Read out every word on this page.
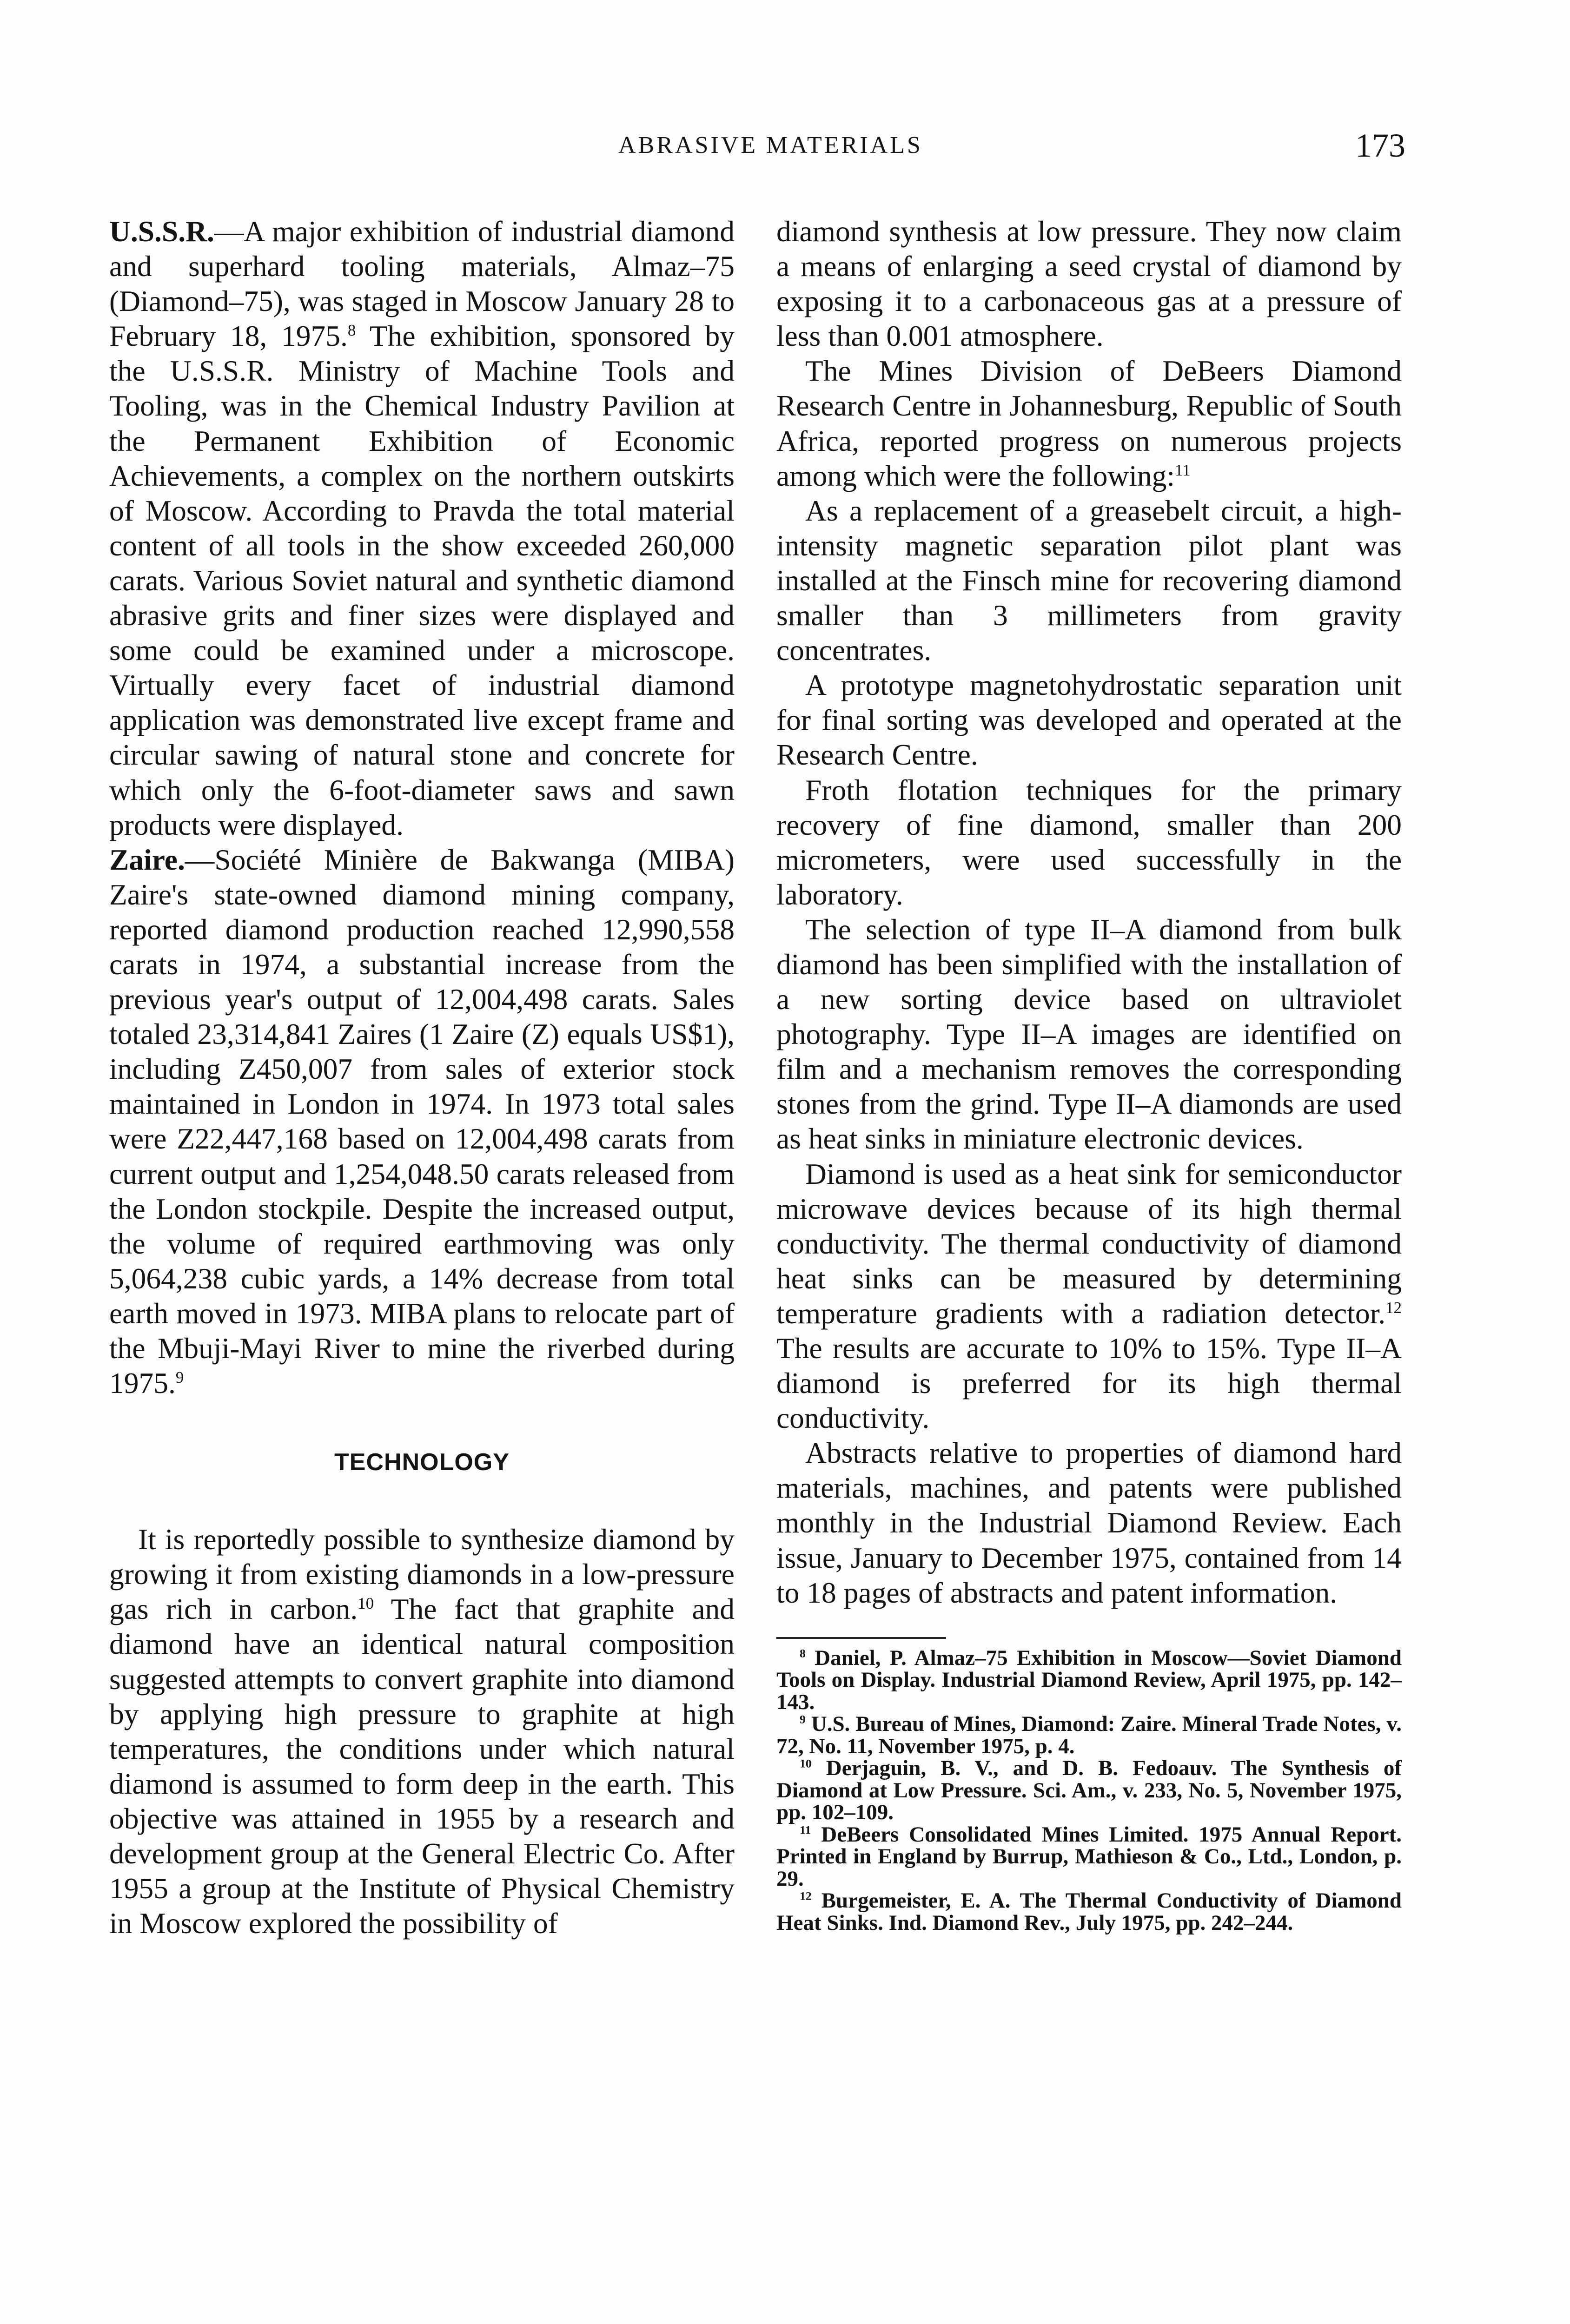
ABRASIVE MATERIALS	173

U.S.S.R.—A major exhibition of industrial diamond and superhard tooling materials, Almaz–75 (Diamond–75), was staged in Moscow January 28 to February 18, 1975.$^8$ The exhibition, sponsored by the U.S.S.R. Ministry of Machine Tools and Tooling, was in the Chemical Industry Pavilion at the Permanent Exhibition of Economic Achievements, a complex on the northern outskirts of Moscow. According to Pravda the total material content of all tools in the show exceeded 260,000 carats. Various Soviet natural and synthetic diamond abrasive grits and finer sizes were displayed and some could be examined under a microscope. Virtually every facet of industrial diamond application was demonstrated live except frame and circular sawing of natural stone and concrete for which only the 6-foot-diameter saws and sawn products were displayed.

Zaire.—Société Minière de Bakwanga (MIBA) Zaire's state-owned diamond mining company, reported diamond production reached 12,990,558 carats in 1974, a substantial increase from the previous year's output of 12,004,498 carats. Sales totaled 23,314,841 Zaires (1 Zaire (Z) equals US$1), including Z450,007 from sales of exterior stock maintained in London in 1974. In 1973 total sales were Z22,447,168 based on 12,004,498 carats from current output and 1,254,048.50 carats released from the London stockpile. Despite the increased output, the volume of required earthmoving was only 5,064,238 cubic yards, a 14% decrease from total earth moved in 1973. MIBA plans to relocate part of the Mbuji-Mayi River to mine the riverbed during 1975.$^9$

TECHNOLOGY

It is reportedly possible to synthesize diamond by growing it from existing diamonds in a low-pressure gas rich in carbon.$^{10}$ The fact that graphite and diamond have an identical natural composition suggested attempts to convert graphite into diamond by applying high pressure to graphite at high temperatures, the conditions under which natural diamond is assumed to form deep in the earth. This objective was attained in 1955 by a research and development group at the General Electric Co. After 1955 a group at the Institute of Physical Chemistry in Moscow explored the possibility of

diamond synthesis at low pressure. They now claim a means of enlarging a seed crystal of diamond by exposing it to a carbonaceous gas at a pressure of less than 0.001 atmosphere.

The Mines Division of DeBeers Diamond Research Centre in Johannesburg, Republic of South Africa, reported progress on numerous projects among which were the following:$^{11}$

As a replacement of a greasebelt circuit, a high-intensity magnetic separation pilot plant was installed at the Finsch mine for recovering diamond smaller than 3 millimeters from gravity concentrates.

A prototype magnetohydrostatic separation unit for final sorting was developed and operated at the Research Centre.

Froth flotation techniques for the primary recovery of fine diamond, smaller than 200 micrometers, were used successfully in the laboratory.

The selection of type II–A diamond from bulk diamond has been simplified with the installation of a new sorting device based on ultraviolet photography. Type II–A images are identified on film and a mechanism removes the corresponding stones from the grind. Type II–A diamonds are used as heat sinks in miniature electronic devices.

Diamond is used as a heat sink for semiconductor microwave devices because of its high thermal conductivity. The thermal conductivity of diamond heat sinks can be measured by determining temperature gradients with a radiation detector.$^{12}$ The results are accurate to 10% to 15%. Type II–A diamond is preferred for its high thermal conductivity.

Abstracts relative to properties of diamond hard materials, machines, and patents were published monthly in the Industrial Diamond Review. Each issue, January to December 1975, contained from 14 to 18 pages of abstracts and patent information.

$^8$ Daniel, P. Almaz–75 Exhibition in Moscow—Soviet Diamond Tools on Display. Industrial Diamond Review, April 1975, pp. 142–143.

$^9$ U.S. Bureau of Mines, Diamond: Zaire. Mineral Trade Notes, v. 72, No. 11, November 1975, p. 4.

$^{10}$ Derjaguin, B. V., and D. B. Fedoauv. The Synthesis of Diamond at Low Pressure. Sci. Am., v. 233, No. 5, November 1975, pp. 102–109.

$^{11}$ DeBeers Consolidated Mines Limited. 1975 Annual Report. Printed in England by Burrup, Mathieson & Co., Ltd., London, p. 29.

$^{12}$ Burgemeister, E. A. The Thermal Conductivity of Diamond Heat Sinks. Ind. Diamond Rev., July 1975, pp. 242–244.
